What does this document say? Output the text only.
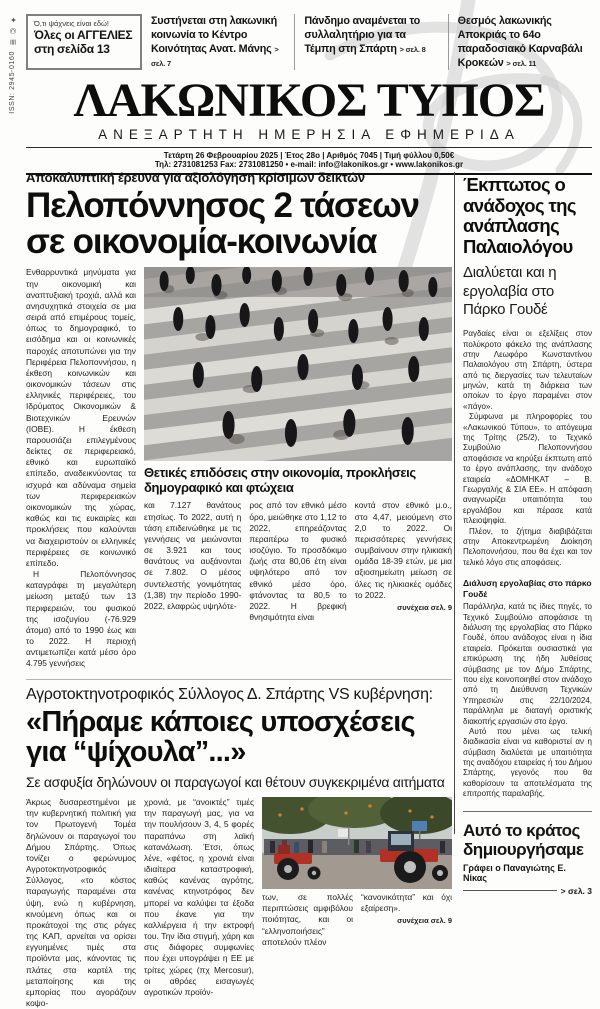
✦
©
≣
ISSN: 2945-0160
Ό,τι ψάχνεις είναι εδώ!
Όλες οι ΑΓΓΕΛΙΕΣ
στη σελίδα 13
Συστήνεται στη λακωνική κοινωνία το Κέντρο Κοινότητας Ανατ. Μάνης > σελ. 7
Πάνδημο αναμένεται το συλλαλητήριο για τα Τέμπη στη Σπάρτη > σελ. 8
Θεσμός λακωνικής Αποκριάς το 64ο παραδοσιακό Καρναβάλι Κροκεών > σελ. 11
ΛΑΚΩΝΙΚΟΣ ΤΥΠΟΣ
ΑΝΕΞΑΡΤΗΤΗ ΗΜΕΡΗΣΙΑ ΕΦΗΜΕΡΙΔΑ
Τετάρτη 26 Φεβρουαρίου 2025 | Έτος 28ο | Αριθμός 7045 | Τιμή φύλλου 0,50€
Τηλ: 2731081253 Fax: 2731081250 • e-mail: info@lakonikos.gr • www.lakonikos.gr
Αποκαλυπτική έρευνα για αξιολόγηση κρίσιμων δεικτών
Πελοπόννησος 2 τάσεων σε οικονομία-κοινωνία

Ενθαρρυντικά μηνύματα για την οικονομική και αναπτυξιακή τροχιά, αλλά και ανησυχητικά στοιχεία σε μια σειρά από επιμέρους τομείς, όπως το δημογραφικό, το εισόδημα και οι κοινωνικές παροχές αποτυπώνει για την Περιφέρεια Πελοποννήσου, η έκθεση κοινωνικών και οικονομικών τάσεων στις ελληνικές περιφέρειες, του Ιδρύματος Οικονομικών & Βιοτεχνικών Ερευνών (ΙΟΒΕ). Η έκθεση παρουσιάζει επιλεγμένους δείκτες σε περιφερειακό, εθνικό και ευρωπαϊκό επίπεδο, αναδεικνύοντας τα ισχυρά και αδύναμα σημεία των περιφερειακών οικονομικών της χώρας, καθώς και τις ευκαιρίες και προκλήσεις που καλούνται να διαχειριστούν οι ελληνικές περιφέρειες σε κοινωνικό επίπεδο.

Η Πελοπόννησος καταγράφει τη μεγαλύτερη μείωση μεταξύ των 13 περιφερειών, του φυσικού της ισοζυγίου (-76.929 άτομα) από το 1990 έως και το 2022. Η περιοχή αντιμετωπίζει κατά μέσο όρο 4.795 γεννήσεις

Θετικές επιδόσεις στην οικονομία, προκλήσεις δημογραφικό και φτώχεια

και 7.127 θανάτους ετησίως. Το 2022, αυτή η τάση επιδεινώθηκε με τις γεννήσεις να μειώνονται σε 3.921 και τους θανάτους να αυξάνονται σε 7.802. Ο μέσος συντελεστής γονιμότητας (1,38) την περίοδο 1990-2022, ελαφρώς υψηλότε-

ρος από τον εθνικό μέσο όρο, μειώθηκε στο 1,12 το 2022, επηρεάζοντας περαιτέρω το φυσικό ισοζύγιο. Το προσδόκιμο ζωής στα 80,06 έτη είναι υψηλότερο από τον εθνικό μέσο όρο, φτάνοντας τα 80,5 το 2022. Η βρεφική θνησιμότητα είναι

κοντά στον εθνικό μ.ο., στο 4,47, μειούμενη στο 2,0 το 2022. Οι περισσότερες γεννήσεις συμβαίνουν στην ηλικιακή ομάδα 18-39 ετών, με μια αξιοσημείωτη μείωση σε όλες τις ηλικιακές ομάδες το 2022.

συνέχεια σελ. 9
Αγροτοκτηνοτροφικός Σύλλογος Δ. Σπάρτης VS κυβέρνηση:
«Πήραμε κάποιες υποσχέσεις για “ψίχουλα”...»
Σε ασφυξία δηλώνουν οι παραγωγοί και θέτουν συγκεκριμένα αιτήματα

Άκρως δυσαρεστημένοι με την κυβερνητική πολιτική για τον Πρωτογενή Τομέα δηλώνουν οι παραγωγοί του Δήμου Σπάρτης. Όπως τονίζει ο φερώνυμος Αγροτοκτηνοτροφικός Σύλλογος, «το κόστος παραγωγής παραμένει στα ύψη, ενώ η κυβέρνηση, κινούμενη όπως και οι προκάτοχοί της στις ράγες της ΚΑΠ, αρνείται να ορίσει εγγυημένες τιμές στα προϊόντα μας, κάνοντας τις πλάτες στα καρτέλ της μεταποίησης και της εμπορίας που αγοράζουν κοψο-

χρονιά, με “ανοικτές” τιμές την παραγωγή μας, για να την πουλήσουν 3, 4, 5 φορές παραπάνω στη λαϊκή κατανάλωση. Έτσι, όπως λένε, «φέτος, η χρονιά είναι ιδιαίτερα καταστροφική, καθώς κανένας αγρότης, κανένας κτηνοτρόφος δεν μπορεί να καλύψει τα έξοδα που έκανε για την καλλιέργεια ή την εκτροφή του. Την ίδια στιγμή, χάρη και στις διάφορες συμφωνίες που έχει υπογράψει η ΕΕ με τρίτες χώρες (πχ Mercosur), οι αθρόες εισαγωγές αγροτικών προϊόν-

των, σε πολλές περιπτώσεις αμφιβόλου ποιότητας, και οι “ελληνοποιήσεις” αποτελούν πλέον

“κανονικότητα” και όχι εξαίρεση».

συνέχεια σελ. 9
Έκπτωτος ο ανάδοχος της ανάπλασης Παλαιολόγου
Διαλύεται και η εργολαβία στο Πάρκο Γουδέ

Ραγδαίες είναι οι εξελίξεις στον πολύκροτο φάκελο της ανάπλασης στην Λεωφόρο Κωνσταντίνου Παλαιολόγου στη Σπάρτη, ύστερα από τις διεργασίες των τελευταίων μηνών, κατά τη διάρκεια των οποίων το έργο παραμένει στον «πάγο».

Σύμφωνα με πληροφορίες του «Λακωνικού Τύπου», το απόγευμα της Τρίτης (25/2), το Τεχνικό Συμβούλιο Πελοποννήσου αποφάσισε να κηρύξει έκπτωτη από το έργο ανάπλασης, την ανάδοχο εταιρεία «ΔΟΜΗΚΑΤ – Β. Γεωργαλής & ΣΙΑ ΕΕ». Η απόφαση αναγνωρίζει υπαιτιότητα του εργολάβου και πέρασε κατά πλειοψηφία.

Πλέον, το ζήτημα διαβιβάζεται στην Αποκεντρωμένη Διοίκηση Πελοποννήσου, που θα έχει και τον τελικό λόγο στις αποφάσεις.

Διάλυση εργολαβίας στο πάρκο Γουδέ

Παράλληλα, κατά τις ίδιες πηγές, το Τεχνικό Συμβούλιο αποφάσισε τη διάλυση της εργολαβίας στο Πάρκο Γουδέ, όπου ανάδοχος είναι η ίδια εταιρεία. Πρόκειται ουσιαστικά για επικύρωση της ήδη λυθείσας σύμβασης με τον Δήμο Σπάρτης, που είχε κοινοποιηθεί στον ανάδοχο από τη Διεύθυνση Τεχνικών Υπηρεσιών στις 22/10/2024, παράλληλα με διαταγή οριστικής διακοπής εργασιών στο έργο.

Αυτό που μένει ως τελική διαδικασία είναι να καθοριστεί αν η σύμβαση διαλύεται με υπαιτιότητα της αναδόχου εταιρείας ή του Δήμου Σπάρτης, γεγονός που θα καθορίσουν τα αποτελέσματα της επιτροπής παραλαβής.

Αυτό το κράτος δημιουργήσαμε
Γράφει ο Παναγιώτης Ε. Νίκας
> σελ. 3
